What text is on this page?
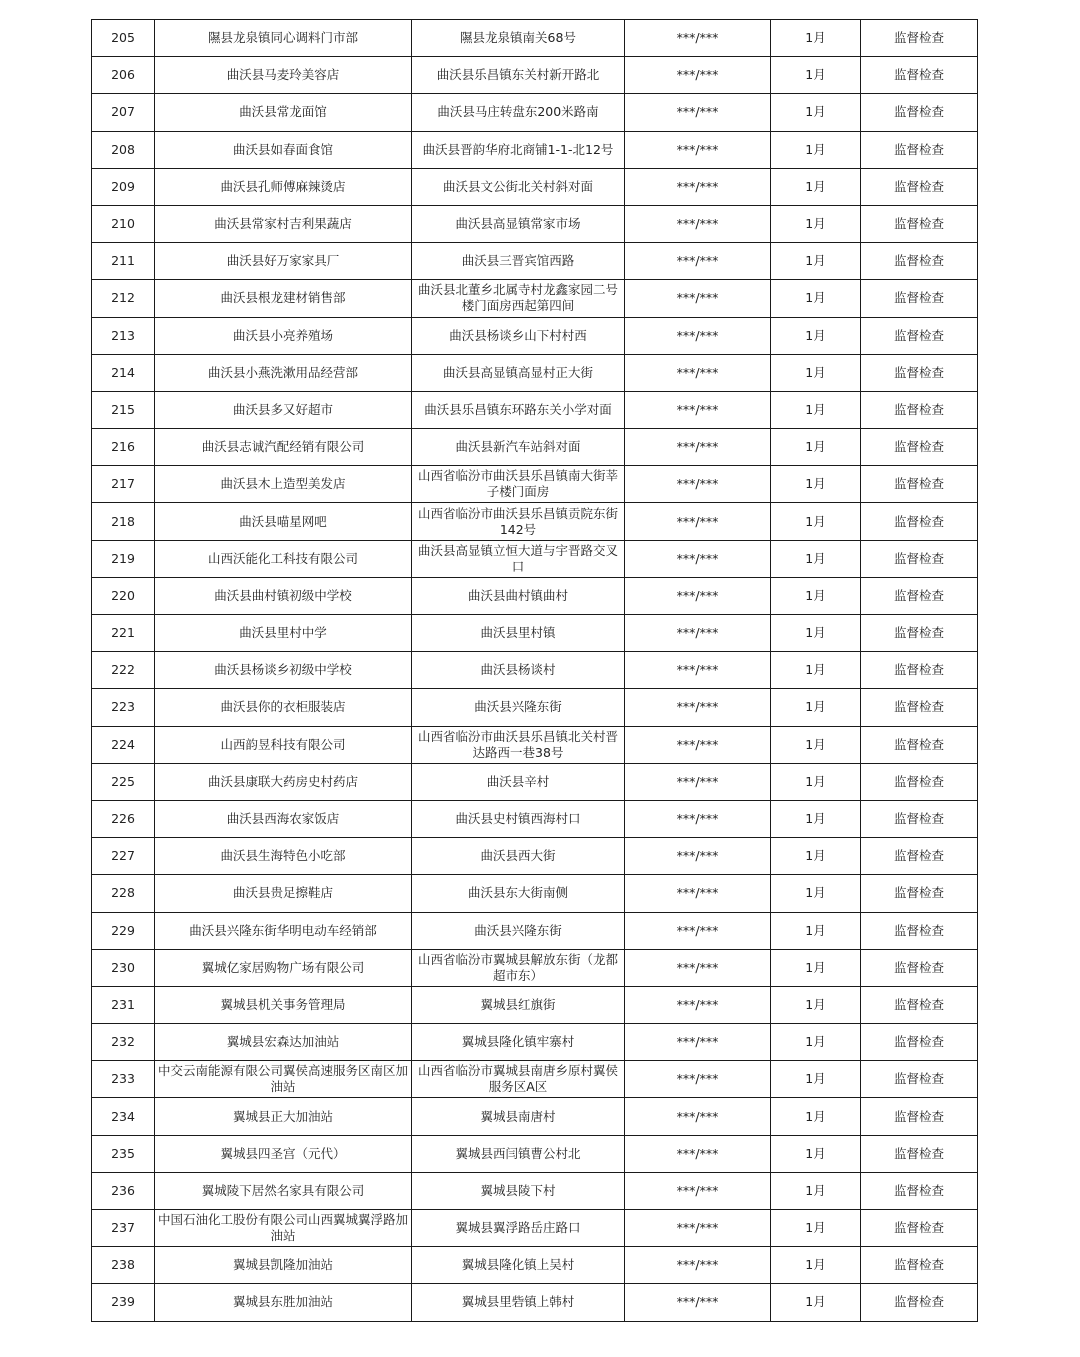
205	隰县龙泉镇同心调料门市部	隰县龙泉镇南关68号	***/***	1月	监督检查
206	曲沃县马麦玲美容店	曲沃县乐昌镇东关村新开路北	***/***	1月	监督检查
207	曲沃县常龙面馆	曲沃县马庄转盘东200米路南	***/***	1月	监督检查
208	曲沃县如春面食馆	曲沃县晋韵华府北商铺1-1-北12号	***/***	1月	监督检查
209	曲沃县孔师傅麻辣烫店	曲沃县文公街北关村斜对面	***/***	1月	监督检查
210	曲沃县常家村吉利果蔬店	曲沃县高显镇常家市场	***/***	1月	监督检查
211	曲沃县好万家家具厂	曲沃县三晋宾馆西路	***/***	1月	监督检查
212	曲沃县根龙建材销售部	曲沃县北董乡北属寺村龙鑫家园二号楼门面房西起第四间	***/***	1月	监督检查
213	曲沃县小亮养殖场	曲沃县杨谈乡山下村村西	***/***	1月	监督检查
214	曲沃县小燕洗漱用品经营部	曲沃县高显镇高显村正大街	***/***	1月	监督检查
215	曲沃县多又好超市	曲沃县乐昌镇东环路东关小学对面	***/***	1月	监督检查
216	曲沃县志诚汽配经销有限公司	曲沃县新汽车站斜对面	***/***	1月	监督检查
217	曲沃县木上造型美发店	山西省临汾市曲沃县乐昌镇南大街莘子楼门面房	***/***	1月	监督检查
218	曲沃县喵星网吧	山西省临汾市曲沃县乐昌镇贡院东街142号	***/***	1月	监督检查
219	山西沃能化工科技有限公司	曲沃县高显镇立恒大道与宇晋路交叉口	***/***	1月	监督检查
220	曲沃县曲村镇初级中学校	曲沃县曲村镇曲村	***/***	1月	监督检查
221	曲沃县里村中学	曲沃县里村镇	***/***	1月	监督检查
222	曲沃县杨谈乡初级中学校	曲沃县杨谈村	***/***	1月	监督检查
223	曲沃县你的衣柜服装店	曲沃县兴隆东街	***/***	1月	监督检查
224	山西韵昱科技有限公司	山西省临汾市曲沃县乐昌镇北关村晋达路西一巷38号	***/***	1月	监督检查
225	曲沃县康联大药房史村药店	曲沃县辛村	***/***	1月	监督检查
226	曲沃县西海农家饭店	曲沃县史村镇西海村口	***/***	1月	监督检查
227	曲沃县生海特色小吃部	曲沃县西大街	***/***	1月	监督检查
228	曲沃县贵足擦鞋店	曲沃县东大街南侧	***/***	1月	监督检查
229	曲沃县兴隆东街华明电动车经销部	曲沃县兴隆东街	***/***	1月	监督检查
230	翼城亿家居购物广场有限公司	山西省临汾市翼城县解放东街（龙都超市东）	***/***	1月	监督检查
231	翼城县机关事务管理局	翼城县红旗街	***/***	1月	监督检查
232	翼城县宏森达加油站	翼城县隆化镇牢寨村	***/***	1月	监督检查
233	中交云南能源有限公司翼侯高速服务区南区加油站	山西省临汾市翼城县南唐乡原村翼侯服务区A区	***/***	1月	监督检查
234	翼城县正大加油站	翼城县南唐村	***/***	1月	监督检查
235	翼城县四圣宫（元代）	翼城县西闫镇曹公村北	***/***	1月	监督检查
236	翼城陵下居然名家具有限公司	翼城县陵下村	***/***	1月	监督检查
237	中国石油化工股份有限公司山西翼城翼浮路加油站	翼城县翼浮路岳庄路口	***/***	1月	监督检查
238	翼城县凯隆加油站	翼城县隆化镇上吴村	***/***	1月	监督检查
239	翼城县东胜加油站	翼城县里砦镇上韩村	***/***	1月	监督检查
